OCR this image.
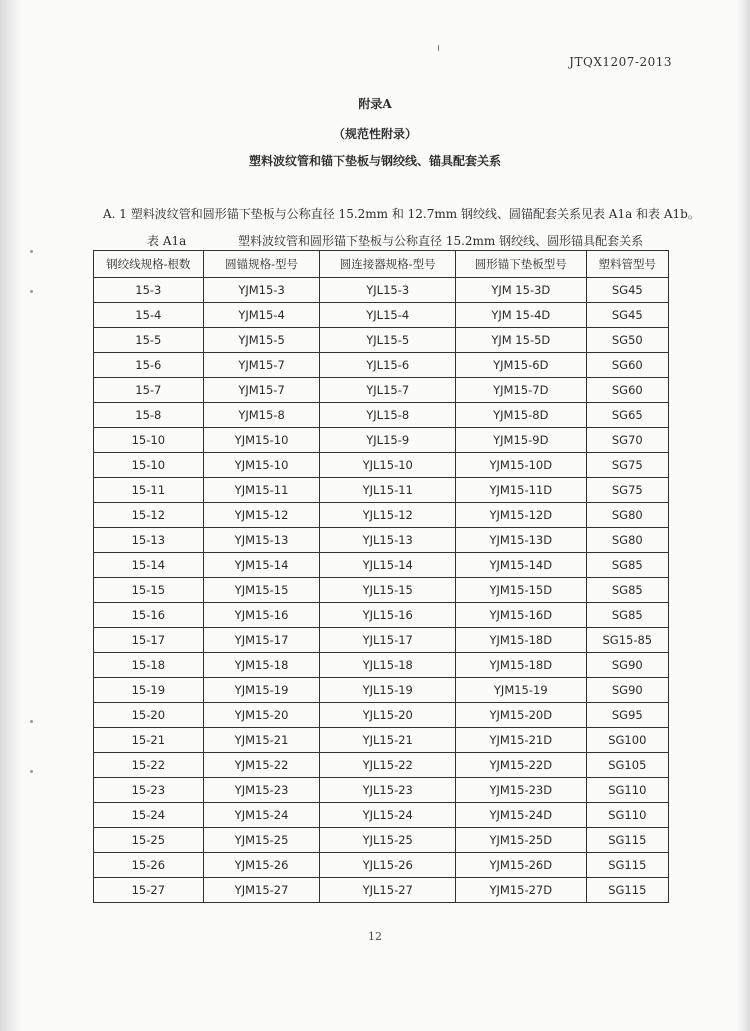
JTQX1207-2013
附录A
（规范性附录）
塑料波纹管和锚下垫板与钢绞线、锚具配套关系
A. 1 塑料波纹管和圆形锚下垫板与公称直径 15.2mm 和 12.7mm 钢绞线、圆锚配套关系见表 A1a 和表 A1b。
表 A1a	塑料波纹管和圆形锚下垫板与公称直径 15.2mm 钢绞线、圆形锚具配套关系
钢绞线规格-根数	圆锚规格-型号	圆连接器规格-型号	圆形锚下垫板型号	塑料管型号
15-3	YJM15-3	YJL15-3	YJM 15-3D	SG45
15-4	YJM15-4	YJL15-4	YJM 15-4D	SG45
15-5	YJM15-5	YJL15-5	YJM 15-5D	SG50
15-6	YJM15-7	YJL15-6	YJM15-6D	SG60
15-7	YJM15-7	YJL15-7	YJM15-7D	SG60
15-8	YJM15-8	YJL15-8	YJM15-8D	SG65
15-10	YJM15-10	YJL15-9	YJM15-9D	SG70
15-10	YJM15-10	YJL15-10	YJM15-10D	SG75
15-11	YJM15-11	YJL15-11	YJM15-11D	SG75
15-12	YJM15-12	YJL15-12	YJM15-12D	SG80
15-13	YJM15-13	YJL15-13	YJM15-13D	SG80
15-14	YJM15-14	YJL15-14	YJM15-14D	SG85
15-15	YJM15-15	YJL15-15	YJM15-15D	SG85
15-16	YJM15-16	YJL15-16	YJM15-16D	SG85
15-17	YJM15-17	YJL15-17	YJM15-18D	SG15-85
15-18	YJM15-18	YJL15-18	YJM15-18D	SG90
15-19	YJM15-19	YJL15-19	YJM15-19	SG90
15-20	YJM15-20	YJL15-20	YJM15-20D	SG95
15-21	YJM15-21	YJL15-21	YJM15-21D	SG100
15-22	YJM15-22	YJL15-22	YJM15-22D	SG105
15-23	YJM15-23	YJL15-23	YJM15-23D	SG110
15-24	YJM15-24	YJL15-24	YJM15-24D	SG110
15-25	YJM15-25	YJL15-25	YJM15-25D	SG115
15-26	YJM15-26	YJL15-26	YJM15-26D	SG115
15-27	YJM15-27	YJL15-27	YJM15-27D	SG115
12
